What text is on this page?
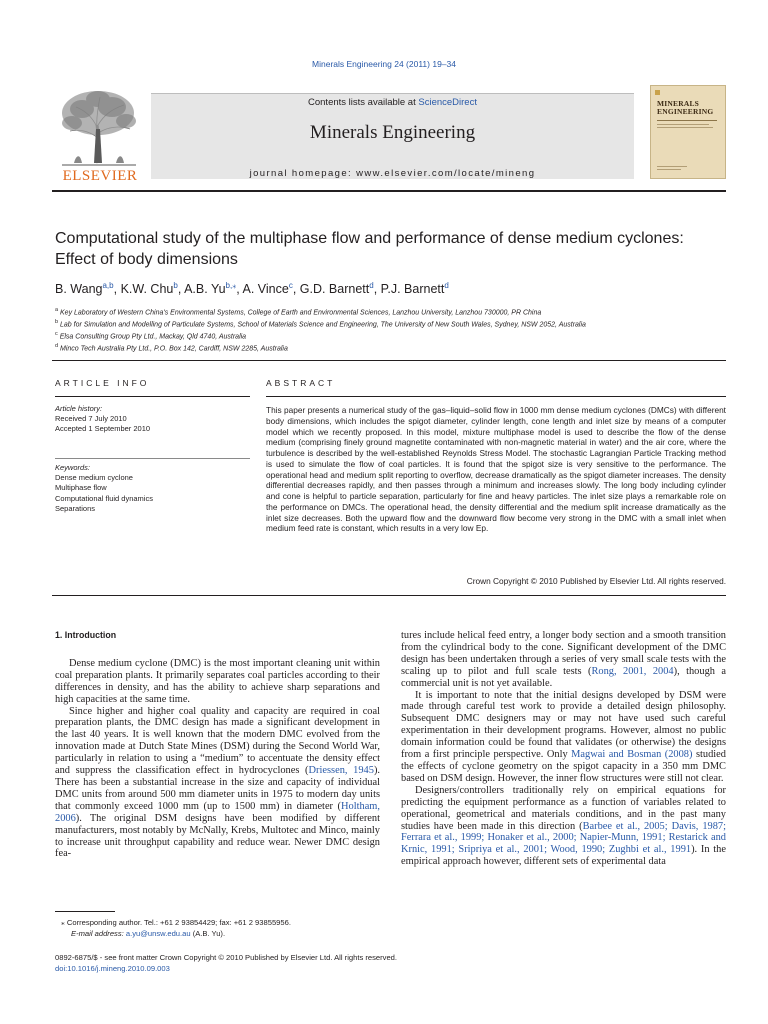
Minerals Engineering 24 (2011) 19–34
ELSEVIER
Contents lists available at ScienceDirect
Minerals Engineering
journal homepage: www.elsevier.com/locate/mineng
MINERALS
ENGINEERING
Computational study of the multiphase flow and performance of dense medium cyclones: Effect of body dimensions
B. Wang$^{a,b}$, K.W. Chu$^b$, A.B. $Yu^{b,⁎}$, A. Vince$^c$, G.D. Barnett$^d$, P.J. Barnett$^d$
$^a$ Key Laboratory of Western China's Environmental Systems, College of Earth and Environmental Sciences, Lanzhou University, Lanzhou 730000, PR China
$^b$ Lab for Simulation and Modelling of Particulate Systems, School of Materials Science and Engineering, The University of New South Wales, Sydney, NSW 2052, Australia
$^c$ Elsa Consulting Group Pty Ltd., Mackay, Qld 4740, Australia
$^d$ Minco Tech Australia Pty Ltd., P.O. Box 142, Cardiff, NSW 2285, Australia
ARTICLE INFO	ABSTRACT
Article history:
Received 7 July 2010
Accepted 1 September 2010
Keywords:
Dense medium cyclone
Multiphase flow
Computational fluid dynamics
Separations
This paper presents a numerical study of the gas–liquid–solid flow in 1000 mm dense medium cyclones (DMCs) with different body dimensions, which includes the spigot diameter, cylinder length, cone length and inlet size by means of a computer model which we recently proposed. In this model, mixture multiphase model is used to describe the flow of the dense medium (comprising finely ground magnetite contaminated with non-magnetic material in water) and the air core, where the turbulence is described by the well-established Reynolds Stress Model. The stochastic Lagrangian Particle Tracking method is used to simulate the flow of coal particles. It is found that the spigot size is very sensitive to the performance. The operational head and medium split reporting to overflow, decrease dramatically as the spigot diameter increases. The density differential decreases rapidly, and then passes through a minimum and increases slowly. The long body including cylinder and cone is helpful to particle separation, particularly for fine and heavy particles. The inlet size plays a remarkable role on the performance on DMCs. The operational head, the density differential and the medium split increase dramatically as the inlet size decreases. Both the upward flow and the downward flow become very strong in the DMC with a small inlet when medium feed rate is constant, which results in a very low Ep.
Crown Copyright © 2010 Published by Elsevier Ltd. All rights reserved.
1. Introduction

Dense medium cyclone (DMC) is the most important cleaning unit within coal preparation plants. It primarily separates coal particles according to their differences in density, and has the ability to achieve sharp separations and high capacities at the same time.

Since higher and higher coal quality and capacity are required in coal preparation plants, the DMC design has made a significant development in the last 40 years. It is well known that the modern DMC evolved from the innovation made at Dutch State Mines (DSM) during the Second World War, particularly in relation to using a “medium” to accentuate the density effect and suppress the classification effect in hydrocyclones (Driessen, 1945). There has been a substantial increase in the size and capacity of individual DMC units from around 500 mm diameter units in 1975 to modern day units that commonly exceed 1000 mm (up to 1500 mm) in diameter (Holtham, 2006). The original DSM designs have been modified by different manufacturers, most notably by McNally, Krebs, Multotec and Minco, mainly to increase unit throughput capability and reduce wear. Newer DMC design fea-

tures include helical feed entry, a longer body section and a smooth transition from the cylindrical body to the cone. Significant development of the DMC design has been undertaken through a series of very small scale tests with the scaling up to pilot and full scale tests (Rong, 2001, 2004), though a commercial unit is not yet available.

It is important to note that the initial designs developed by DSM were made through careful test work to provide a detailed design philosophy. Subsequent DMC designers may or may not have used such careful experimentation in their development programs. However, almost no public domain information could be found that validates (or otherwise) the designs from a first principle perspective. Only Magwai and Bosman (2008) studied the effects of cyclone geometry on the spigot capacity in a 350 mm DMC based on DSM design. However, the inner flow structures were still not clear.

Designers/controllers traditionally rely on empirical equations for predicting the equipment performance as a function of variables related to operational, geometrical and materials conditions, and in the past many studies have been made in this direction (Barbee et al., 2005; Davis, 1987; Ferrara et al., 1999; Honaker et al., 2000; Napier-Munn, 1991; Restarick and Krnic, 1991; Sripriya et al., 2001; Wood, 1990; Zughbi et al., 1991). In the empirical approach however, different sets of experimental data

⁎ Corresponding author. Tel.: +61 2 93854429; fax: +61 2 93855956.
E-mail address: a.yu@unsw.edu.au (A.B. Yu).
0892-6875/$ - see front matter Crown Copyright © 2010 Published by Elsevier Ltd. All rights reserved.
doi:10.1016/j.mineng.2010.09.003
